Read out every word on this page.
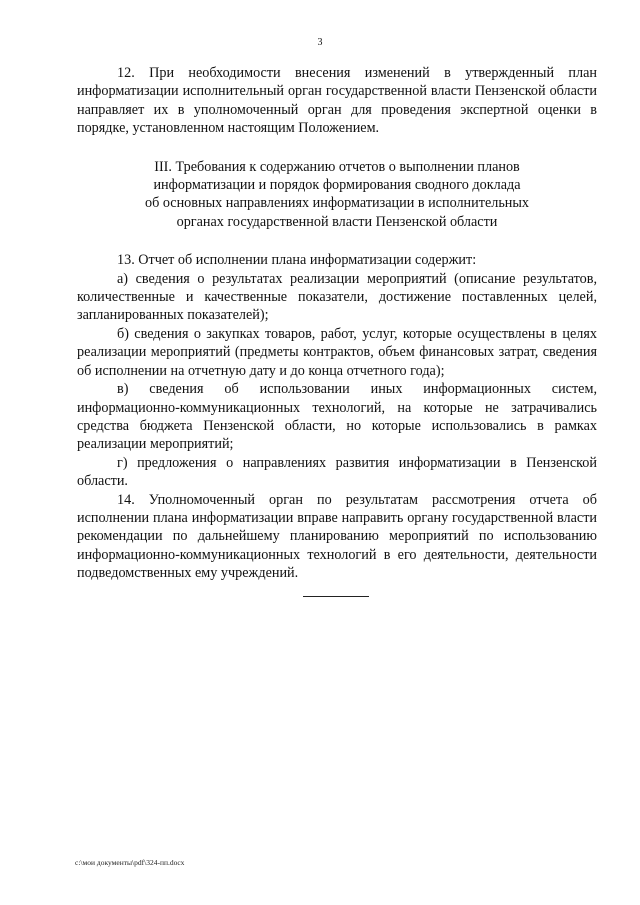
3

12. При необходимости внесения изменений в утвержденный план информатизации исполнительный орган государственной власти Пензенской области направляет их в уполномоченный орган для проведения экспертной оценки в порядке, установленном настоящим Положением.

III. Требования к содержанию отчетов о выполнении планов
информатизации и порядок формирования сводного доклада
об основных направлениях информатизации в исполнительных
органах государственной власти Пензенской области

13. Отчет об исполнении плана информатизации содержит:

а) сведения о результатах реализации мероприятий (описание результатов, количественные и качественные показатели, достижение поставленных целей, запланированных показателей);

б) сведения о закупках товаров, работ, услуг, которые осуществлены в целях реализации мероприятий (предметы контрактов, объем финансовых затрат, сведения об исполнении на отчетную дату и до конца отчетного года);

в) сведения об использовании иных информационных систем, информационно-коммуникационных технологий, на которые не затрачивались средства бюджета Пензенской области, но которые использовались в рамках реализации мероприятий;

г) предложения о направлениях развития информатизации в Пензенской области.

14. Уполномоченный орган по результатам рассмотрения отчета об исполнении плана информатизации вправе направить органу государственной власти рекомендации по дальнейшему планированию мероприятий по использованию информационно-коммуникационных технологий в его деятельности, деятельности подведомственных ему учреждений.

c:\мои документы\pdf\324-пп.docx
